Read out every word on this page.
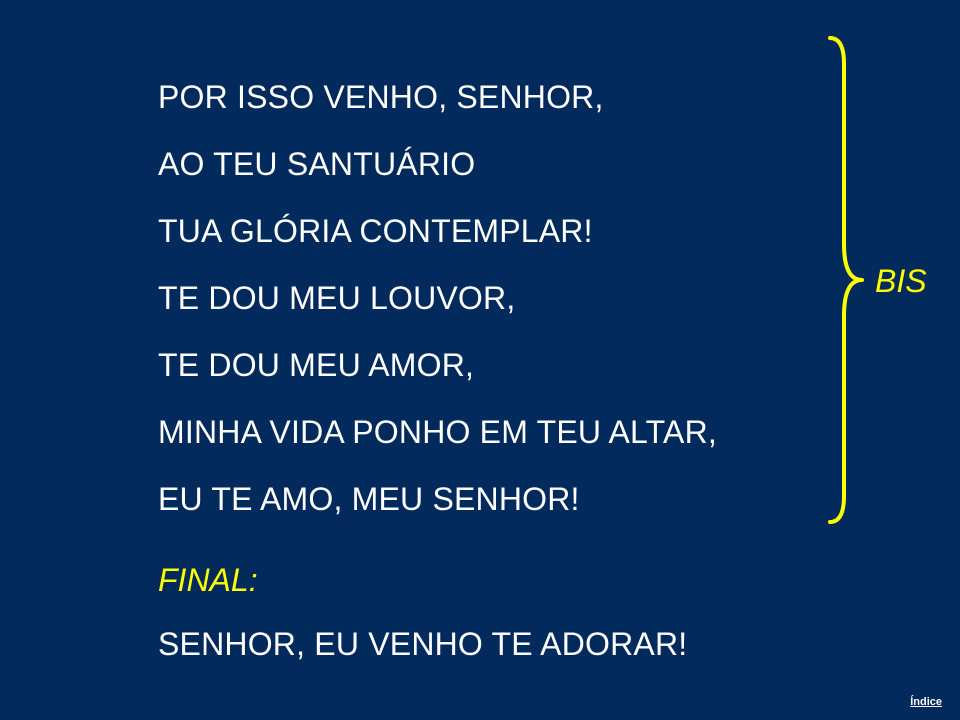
POR ISSO VENHO, SENHOR,
AO TEU SANTUÁRIO
TUA GLÓRIA CONTEMPLAR!
TE DOU MEU LOUVOR,
TE DOU MEU AMOR,
MINHA VIDA PONHO EM TEU ALTAR,
EU TE AMO, MEU SENHOR!
BIS
FINAL:
SENHOR, EU VENHO TE ADORAR!
Índice
